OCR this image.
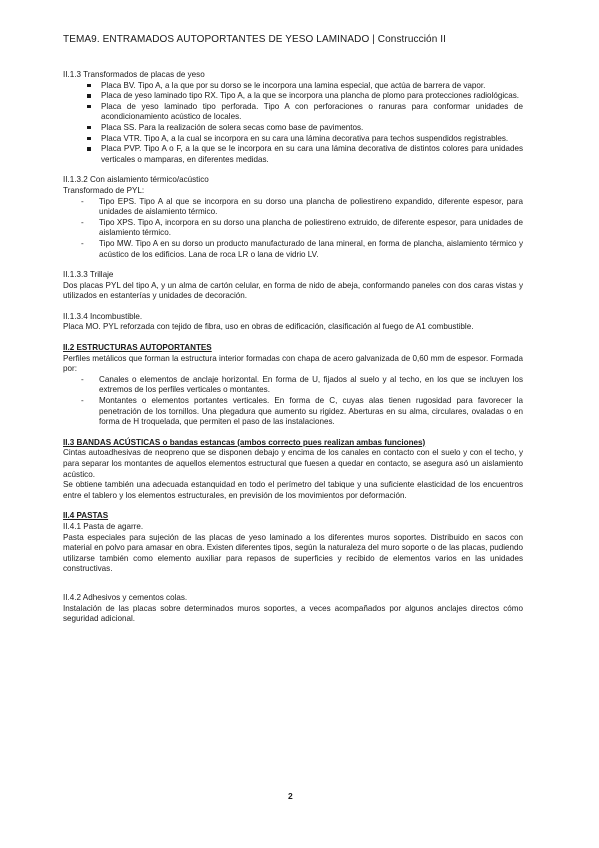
TEMA9. ENTRAMADOS AUTOPORTANTES DE YESO LAMINADO | Construcción II

II.1.3 Transformados de placas de yeso

Placa BV. Tipo A, a la que por su dorso se le incorpora una lamina especial, que actúa de barrera de vapor.
Placa de yeso laminado tipo RX. Tipo A, a la que se incorpora una plancha de plomo para protecciones radiológicas.
Placa de yeso laminado tipo perforada. Tipo A con perforaciones o ranuras para conformar unidades de acondicionamiento acústico de locales.
Placa SS. Para la realización de solera secas como base de pavimentos.
Placa VTR. Tipo A, a la cual se incorpora en su cara una lámina decorativa para techos suspendidos registrables.
Placa PVP. Tipo A o F, a la que se le incorpora en su cara una lámina decorativa de distintos colores para unidades verticales o mamparas, en diferentes medidas.

II.1.3.2 Con aislamiento térmico/acústico

Transformado de PYL:

- Tipo EPS. Tipo A al que se incorpora en su dorso una plancha de poliestireno expandido, diferente espesor, para unidades de aislamiento térmico.
- Tipo XPS. Tipo A, incorpora en su dorso una plancha de poliestireno extruido, de diferente espesor, para unidades de aislamiento térmico.
- Tipo MW. Tipo A en su dorso un producto manufacturado de lana mineral, en forma de plancha, aislamiento térmico y acústico de los edificios. Lana de roca LR o lana de vidrio LV.

II.1.3.3 Trillaje

Dos placas PYL del tipo A, y un alma de cartón celular, en forma de nido de abeja, conformando paneles con dos caras vistas y utilizados en estanterías y unidades de decoración.

II.1.3.4 Incombustible.

Placa MO. PYL reforzada con tejido de fibra, uso en obras de edificación, clasificación al fuego de A1 combustible.

II.2 ESTRUCTURAS AUTOPORTANTES

Perfiles metálicos que forman la estructura interior formadas con chapa de acero galvanizada de 0,60 mm de espesor. Formada por:

- Canales o elementos de anclaje horizontal. En forma de U, fijados al suelo y al techo, en los que se incluyen los extremos de los perfiles verticales o montantes.
- Montantes o elementos portantes verticales. En forma de C, cuyas alas tienen rugosidad para favorecer la penetración de los tornillos. Una plegadura que aumento su rigidez. Aberturas en su alma, circulares, ovaladas o en forma de H troquelada, que permiten el paso de las instalaciones.

II.3 BANDAS ACÚSTICAS o bandas estancas (ambos correcto pues realizan ambas funciones)

Cintas autoadhesivas de neopreno que se disponen debajo y encima de los canales en contacto con el suelo y con el techo, y para separar los montantes de aquellos elementos estructural que fuesen a quedar en contacto, se asegura asó un aislamiento acústico.

Se obtiene también una adecuada estanquidad en todo el perímetro del tabique y una suficiente elasticidad de los encuentros entre el tablero y los elementos estructurales, en previsión de los movimientos por deformación.

II.4 PASTAS

II.4.1 Pasta de agarre.

Pasta especiales para sujeción de las placas de yeso laminado a los diferentes muros soportes. Distribuido en sacos con material en polvo para amasar en obra. Existen diferentes tipos, según la naturaleza del muro soporte o de las placas, pudiendo utilizarse también como elemento auxiliar para repasos de superficies y recibido de elementos varios en las unidades constructivas.

II.4.2 Adhesivos y cementos colas.

Instalación de las placas sobre determinados muros soportes, a veces acompañados por algunos anclajes directos cómo seguridad adicional.

2
